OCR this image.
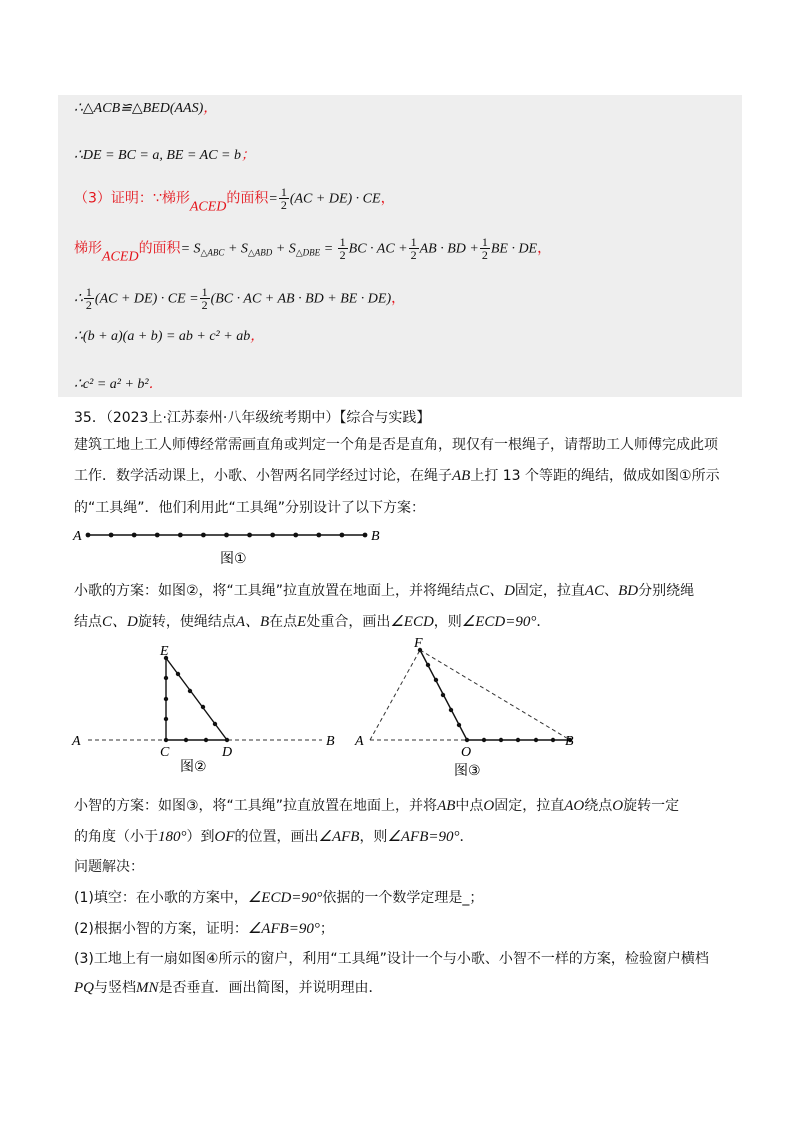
∴△ACB≌△BED(AAS)，
∴DE = BC = a, BE = AC = b；
（3）证明：∵梯形ACED的面积= $\frac{1}{2} (AC + DE)$ · CE，
梯形ACED的面积= $S_{\triangle ABC} + S_{\triangle ABD} + S_{\triangle DBE} = \frac{1}{2}$ BC · AC + $\frac{1}{2}$ AB · BD + $\frac{1}{2}$ BE · DE，
∴ $\frac{1}{2} (AC + DE)$ · CE = $\frac{1}{2} (BC$ · AC + AB · BD + BE · DE)，
∴(b + a)(a + b) = ab + c² + ab，
∴c² = a² + b²．
35．（2023上·江苏泰州·八年级统考期中）【综合与实践】
建筑工地上工人师傅经常需画直角或判定一个角是否是直角，现仅有一根绳子，请帮助工人师傅完成此项
工作．数学活动课上，小歌、小智两名同学经过讨论，在绳子AB上打 13 个等距的绳结，做成如图①所示
的“工具绳”．他们利用此“工具绳”分别设计了以下方案：
小歌的方案：如图②，将“工具绳”拉直放置在地面上，并将绳结点C、D固定，拉直AC、BD分别绕绳
结点C、D旋转，使绳结点A、B在点E处重合，画出∠ECD，则∠ECD=90°．
小智的方案：如图③，将“工具绳”拉直放置在地面上，并将AB中点O固定，拉直AO绕点O旋转一定
的角度（小于180°）到OF的位置，画出∠AFB，则∠AFB=90°．
问题解决：
(1)填空：在小歌的方案中，∠ECD=90°依据的一个数学定理是_；
(2)根据小智的方案，证明：∠AFB=90°；
(3)工地上有一扇如图④所示的窗户，利用“工具绳”设计一个与小歌、小智不一样的方案，检验窗户横档
PQ与竖档MN是否垂直．画出简图，并说明理由．
A	B
图①
E
C	D
A	B
图②
F
O
A	B
图③
